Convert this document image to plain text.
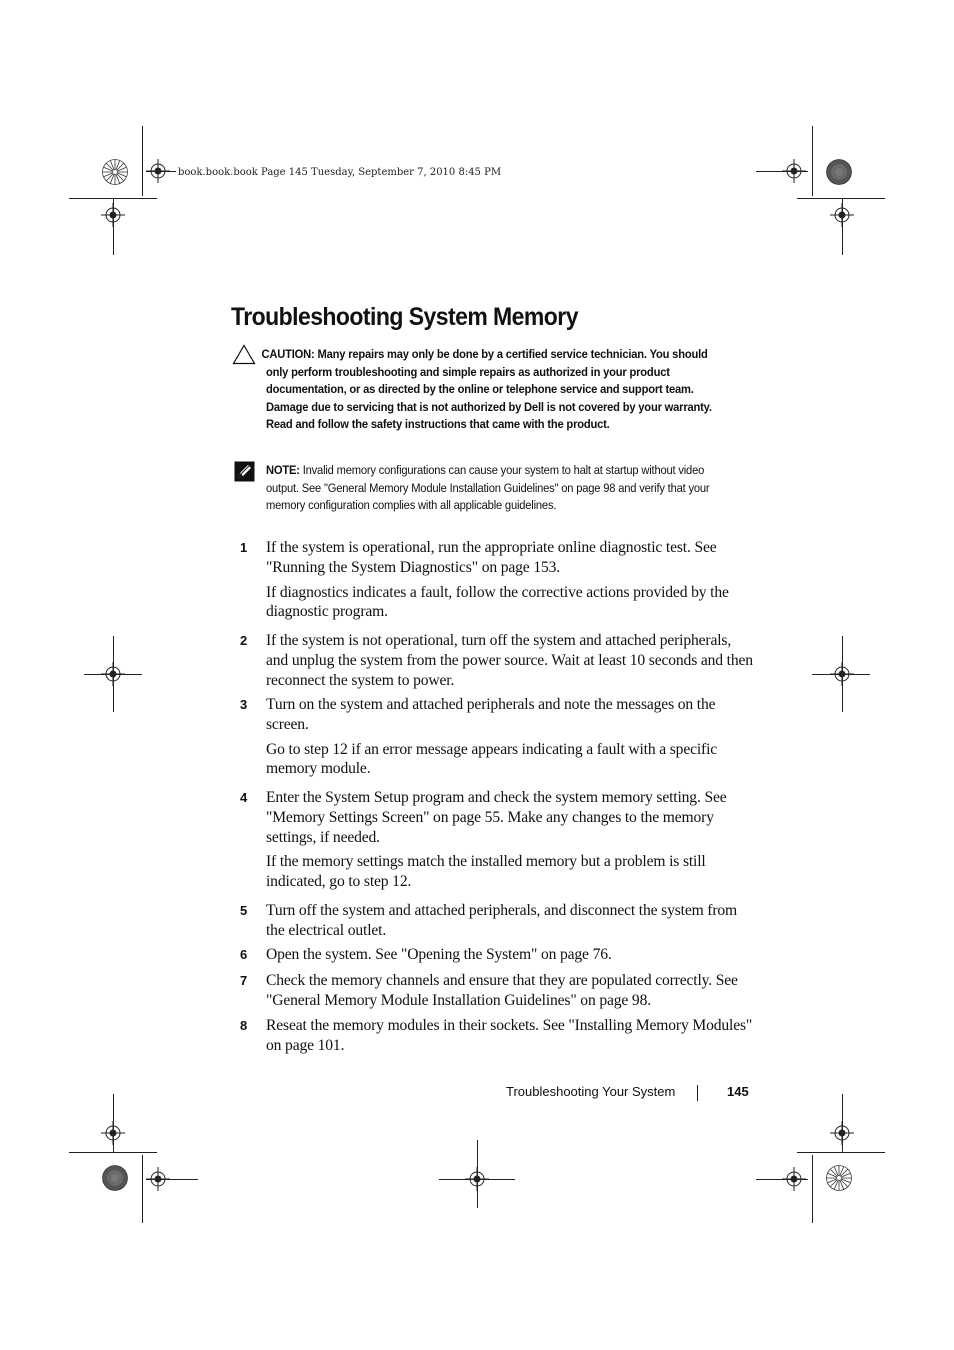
book.book.book Page 145 Tuesday, September 7, 2010 8:45 PM
Troubleshooting System Memory
CAUTION: Many repairs may only be done by a certified service technician. You should only perform troubleshooting and simple repairs as authorized in your product documentation, or as directed by the online or telephone service and support team. Damage due to servicing that is not authorized by Dell is not covered by your warranty. Read and follow the safety instructions that came with the product.
NOTE: Invalid memory configurations can cause your system to halt at startup without video output. See "General Memory Module Installation Guidelines" on page 98 and verify that your memory configuration complies with all applicable guidelines.
1 If the system is operational, run the appropriate online diagnostic test. See "Running the System Diagnostics" on page 153.

If diagnostics indicates a fault, follow the corrective actions provided by the diagnostic program.

2 If the system is not operational, turn off the system and attached peripherals, and unplug the system from the power source. Wait at least 10 seconds and then reconnect the system to power.

3 Turn on the system and attached peripherals and note the messages on the screen.

Go to step 12 if an error message appears indicating a fault with a specific memory module.

4 Enter the System Setup program and check the system memory setting. See "Memory Settings Screen" on page 55. Make any changes to the memory settings, if needed.

If the memory settings match the installed memory but a problem is still indicated, go to step 12.

5 Turn off the system and attached peripherals, and disconnect the system from the electrical outlet.

6 Open the system. See "Opening the System" on page 76.

7 Check the memory channels and ensure that they are populated correctly. See "General Memory Module Installation Guidelines" on page 98.

8 Reseat the memory modules in their sockets. See "Installing Memory Modules" on page 101.

Troubleshooting Your System	145
